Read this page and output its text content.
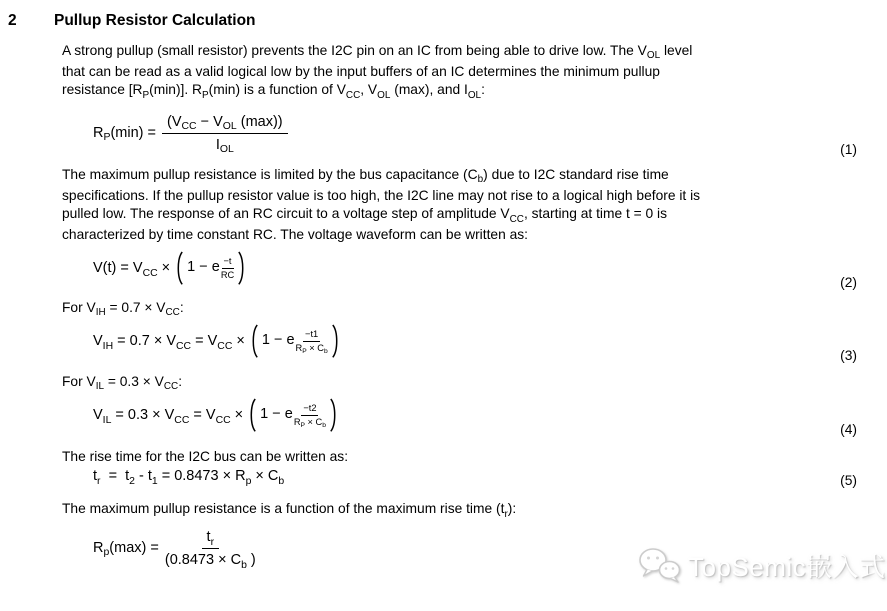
2	Pullup Resistor Calculation
A strong pullup (small resistor) prevents the I2C pin on an IC from being able to drive low. The $V_{OL}$ level
that can be read as a valid logical low by the input buffers of an IC determines the minimum pullup
resistance $[R_P(\min)]$. $R_P(\min)$ is a function of $V_{CC}$, $V_{OL}$ (max), and $I_{OL}$:
$R_P(\min) = \frac{(V_{CC} - V_{OL} (\max))}{I_{OL}}$	(1)
The maximum pullup resistance is limited by the bus capacitance $(C_b)$ due to I2C standard rise time
specifications. If the pullup resistor value is too high, the I2C line may not rise to a logical high before it is
pulled low. The response of an RC circuit to a voltage step of amplitude $V_{CC}$, starting at time t = 0 is
characterized by time constant RC. The voltage waveform can be written as:
$V(t) = V_{CC} \times 1 - e \frac{-t}{RC}$
(2)
For $V_{IH} = 0.7 \times V_{CC}$:
$V_{IH} = 0.7 \times V_{CC} = V_{CC} \times 1 - e \frac{-t1}{R_P \times C_b}$
(3)
For $V_{IL} = 0.3 \times V_{CC}$:
$V_{IL} = 0.3 \times V_{CC} = V_{CC} \times 1 - e \frac{-t2}{R_P \times C_b}$
(4)
The rise time for the I2C bus can be written as:
$t_r = t_2 - t_1 = 0.8473 \times R_p \times C_b$	(5)
The maximum pullup resistance is a function of the maximum rise time $(t_r)$:
$R_p(\max) = \frac{t_r}{(0.8473 \times C_b )}$	TopSemic嵌入式
